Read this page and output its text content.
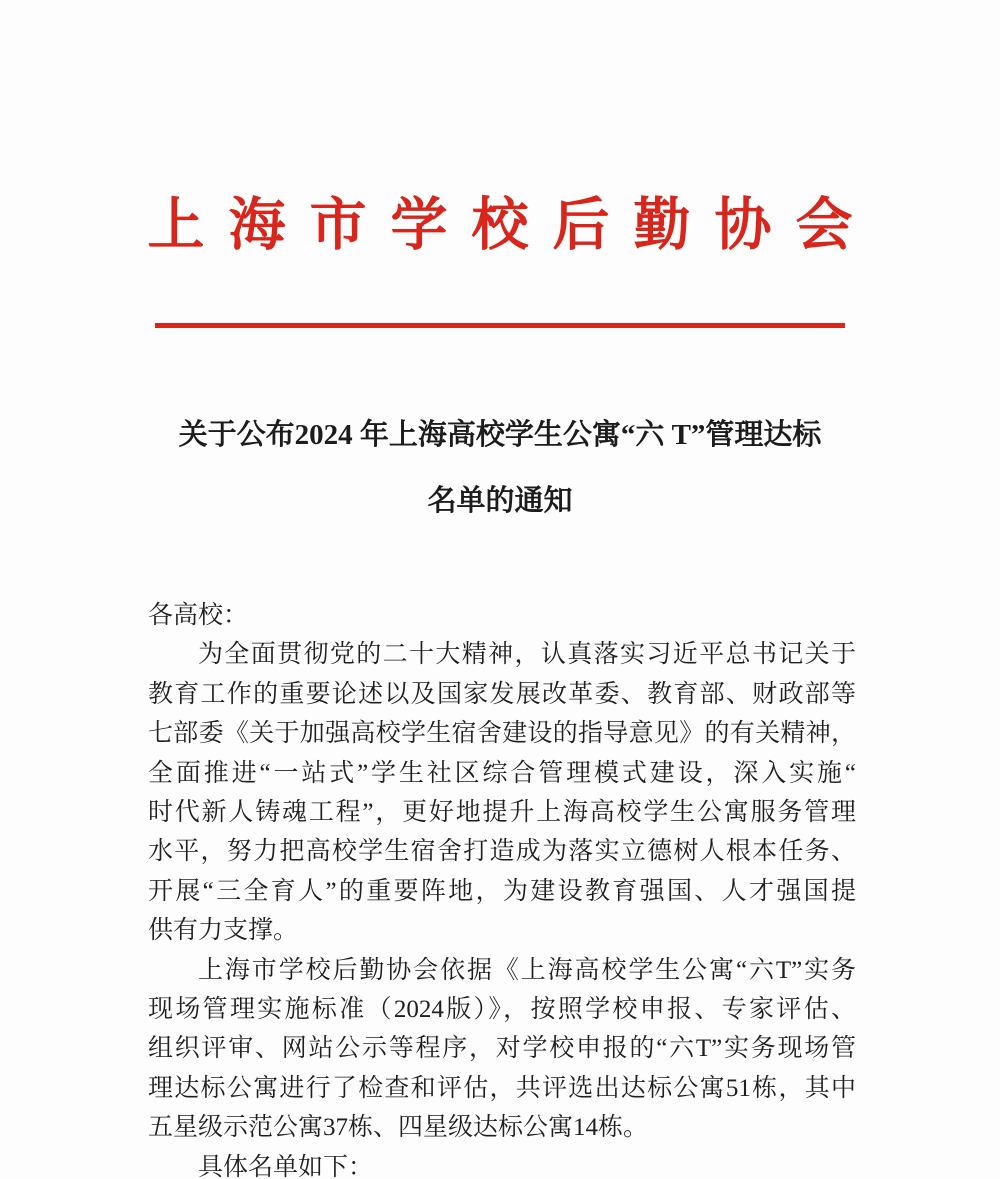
上海市学校后勤协会
关于公布2024 年上海高校学生公寓“六 T”管理达标
名单的通知
各高校：
为全面贯彻党的二十大精神，认真落实习近平总书记关于
教育工作的重要论述以及国家发展改革委、教育部、财政部等
七部委《关于加强高校学生宿舍建设的指导意见》的有关精神，
全面推进“一站式”学生社区综合管理模式建设，深入实施“
时代新人铸魂工程”，更好地提升上海高校学生公寓服务管理
水平，努力把高校学生宿舍打造成为落实立德树人根本任务、
开展“三全育人”的重要阵地，为建设教育强国、人才强国提
供有力支撑。
上海市学校后勤协会依据《上海高校学生公寓“六T”实务
现场管理实施标准（2024版）》，按照学校申报、专家评估、
组织评审、网站公示等程序，对学校申报的“六T”实务现场管
理达标公寓进行了检查和评估，共评选出达标公寓51栋，其中
五星级示范公寓37栋、四星级达标公寓14栋。
具体名单如下：
